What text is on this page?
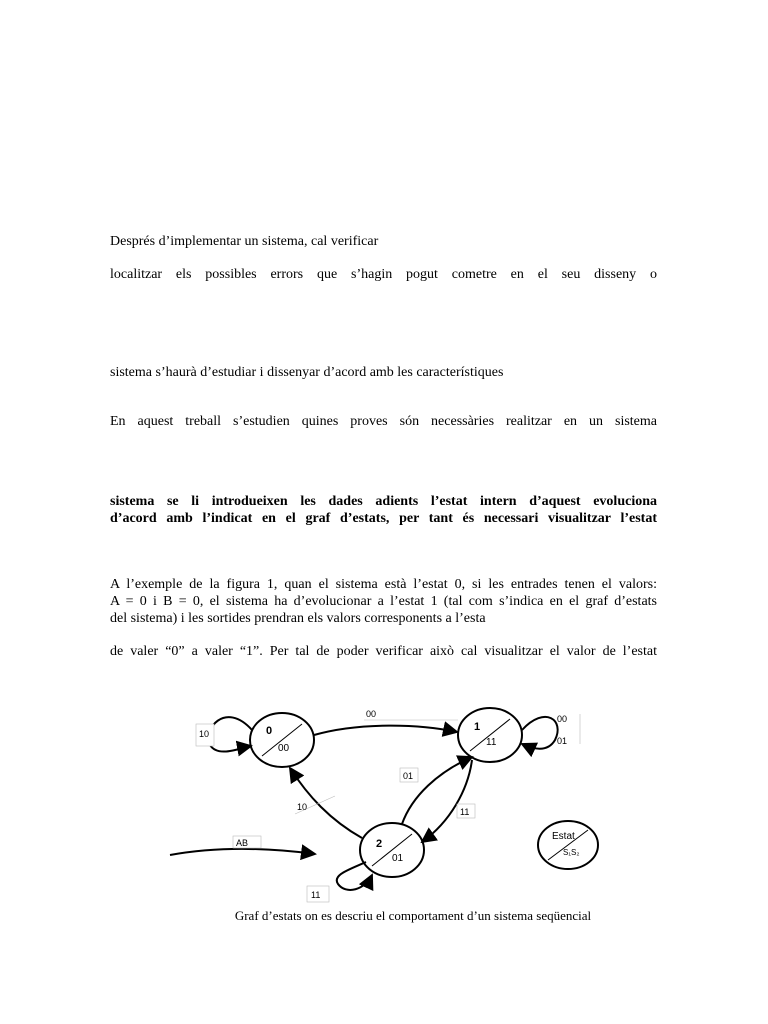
Després d’implementar un sistema, cal verificar
localitzar els possibles errors que s’hagin pogut cometre en el seu disseny o
sistema s’haurà d’estudiar i dissenyar d’acord amb les característiques
En aquest treball s’estudien quines proves són necessàries realitzar en un sistema
sistema se li introdueixen les dades adients l’estat intern d’aquest evoluciona
d’acord amb l’indicat en el graf d’estats, per tant és necessari visualitzar l’estat
A l’exemple de la figura 1, quan el sistema està l’estat 0, si les entrades tenen el valors:
A = 0 i B = 0, el sistema ha d’evolucionar a l’estat 1 (tal com s’indica en el graf d’estats
del sistema) i les sortides prendran els valors corresponents a l’esta
de valer “0” a valer “1”. Per tal de poder verificar això cal visualitzar el valor de l’estat
0
00
1
11
2
01
Estat
S₁S₂
10
00	00
01
01
11
10
11
AB
Graf d’estats on es descriu el comportament d’un sistema seqüencial
